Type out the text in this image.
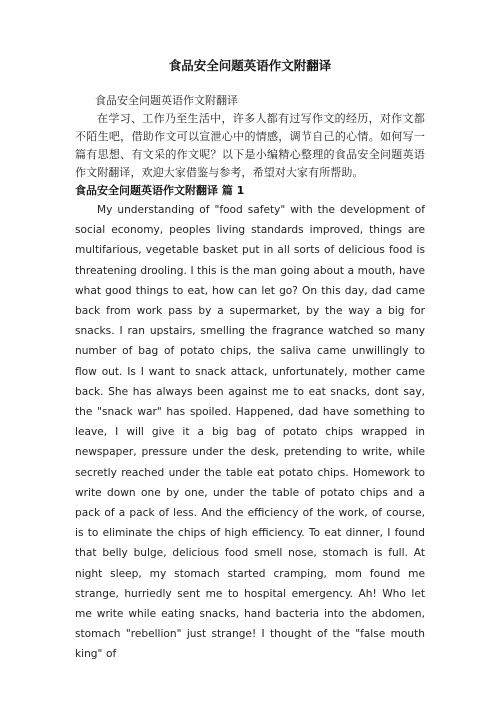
食品安全问题英语作文附翻译

食品安全问题英语作文附翻译

在学习、工作乃至生活中，许多人都有过写作文的经历，对作文都不陌生吧，借助作文可以宣泄心中的情感，调节自己的心情。如何写一篇有思想、有文采的作文呢？以下是小编精心整理的食品安全问题英语作文附翻译，欢迎大家借鉴与参考，希望对大家有所帮助。

食品安全问题英语作文附翻译 篇 1

My understanding of "food safety" with the development of social economy, peoples living standards improved, things are multifarious, vegetable basket put in all sorts of delicious food is threatening drooling. I this is the man going about a mouth, have what good things to eat, how can let go? On this day, dad came back from work pass by a supermarket, by the way a big for snacks. I ran upstairs, smelling the fragrance watched so many number of bag of potato chips, the saliva came unwillingly to flow out. Is I want to snack attack, unfortunately, mother came back. She has always been against me to eat snacks, dont say, the "snack war" has spoiled. Happened, dad have something to leave, I will give it a big bag of potato chips wrapped in newspaper, pressure under the desk, pretending to write, while secretly reached under the table eat potato chips. Homework to write down one by one, under the table of potato chips and a pack of a pack of less. And the efficiency of the work, of course, is to eliminate the chips of high efficiency. To eat dinner, I found that belly bulge, delicious food smell nose, stomach is full. At night sleep, my stomach started cramping, mom found me strange, hurriedly sent me to hospital emergency. Ah! Who let me write while eating snacks, hand bacteria into the abdomen, stomach "rebellion" just strange! I thought of the "false mouth king" of
